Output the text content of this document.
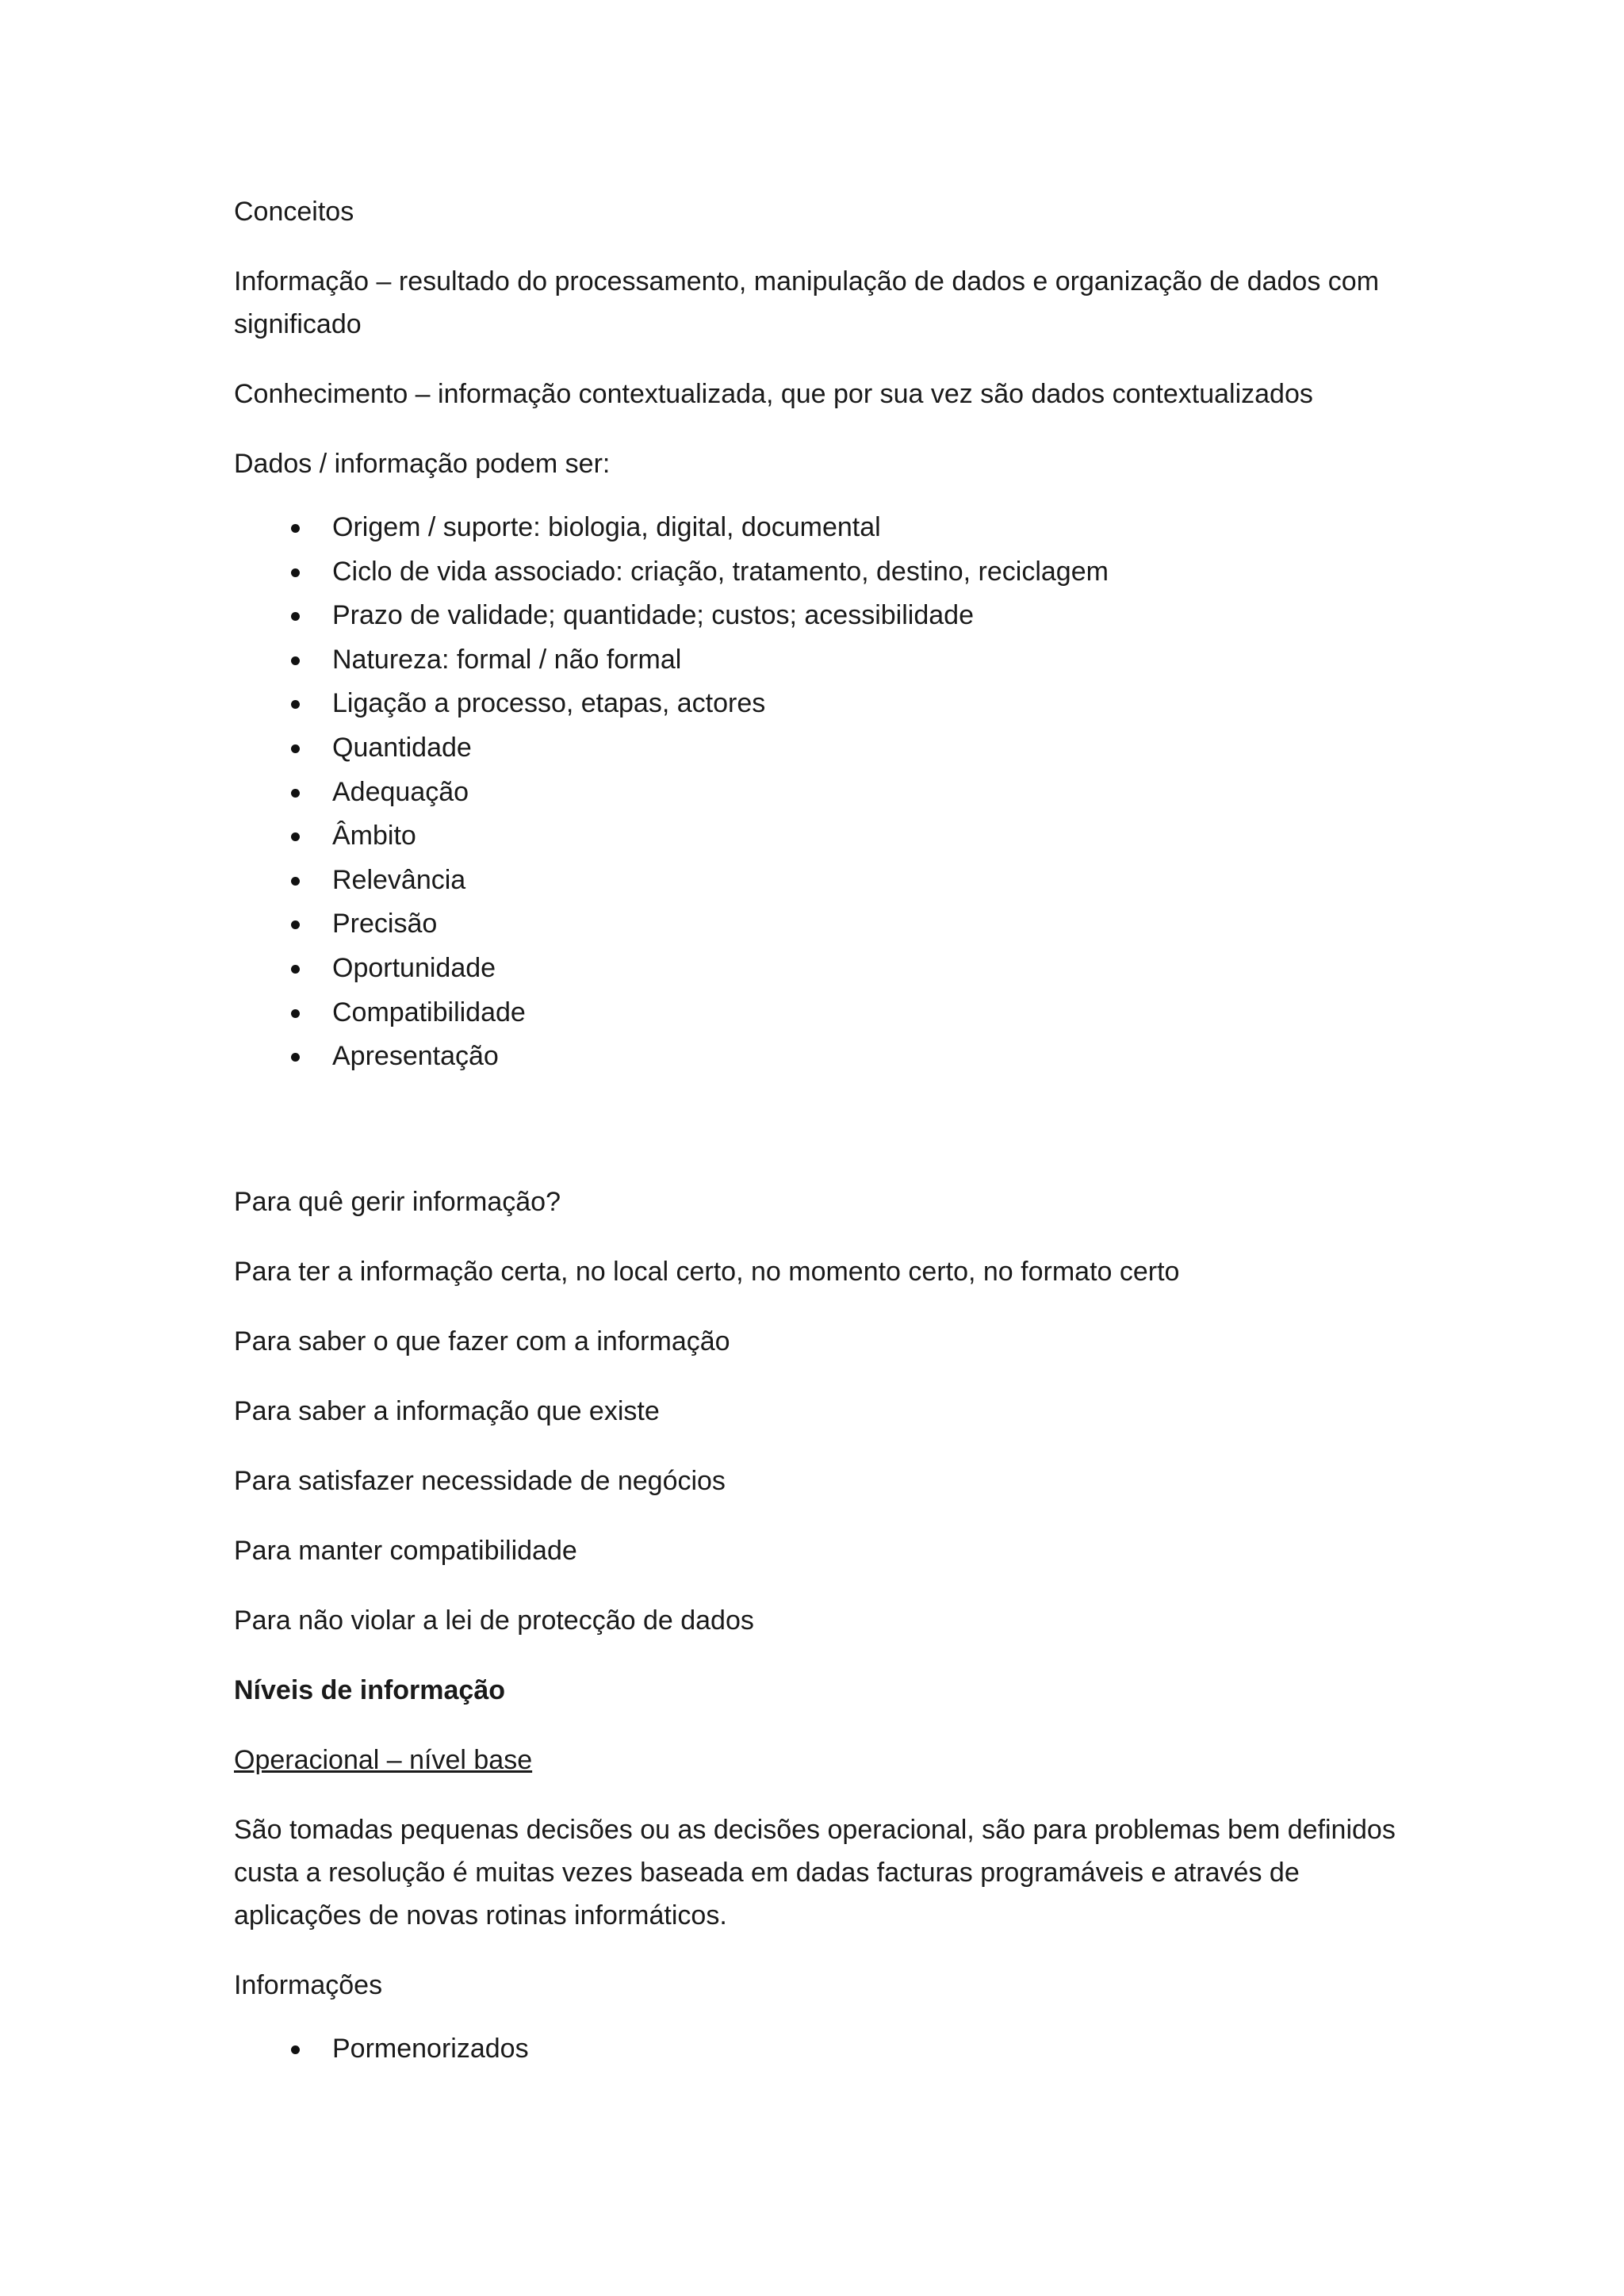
Conceitos

Informação – resultado do processamento, manipulação de dados e organização de dados com significado

Conhecimento – informação contextualizada, que por sua vez são dados contextualizados

Dados / informação podem ser:

Origem / suporte: biologia, digital, documental
Ciclo de vida associado: criação, tratamento, destino, reciclagem
Prazo de validade; quantidade; custos; acessibilidade
Natureza: formal / não formal
Ligação a processo, etapas, actores
Quantidade
Adequação
Âmbito
Relevância
Precisão
Oportunidade
Compatibilidade
Apresentação

Para quê gerir informação?

Para ter a informação certa, no local certo, no momento certo, no formato certo

Para saber o que fazer com a informação

Para saber a informação que existe

Para satisfazer necessidade de negócios

Para manter compatibilidade

Para não violar a lei de protecção de dados

Níveis de informação

Operacional – nível base

São tomadas pequenas decisões ou as decisões operacional, são para problemas bem definidos custa a resolução é muitas vezes baseada em dadas facturas programáveis e através de aplicações de novas rotinas informáticos.

Informações

Pormenorizados
